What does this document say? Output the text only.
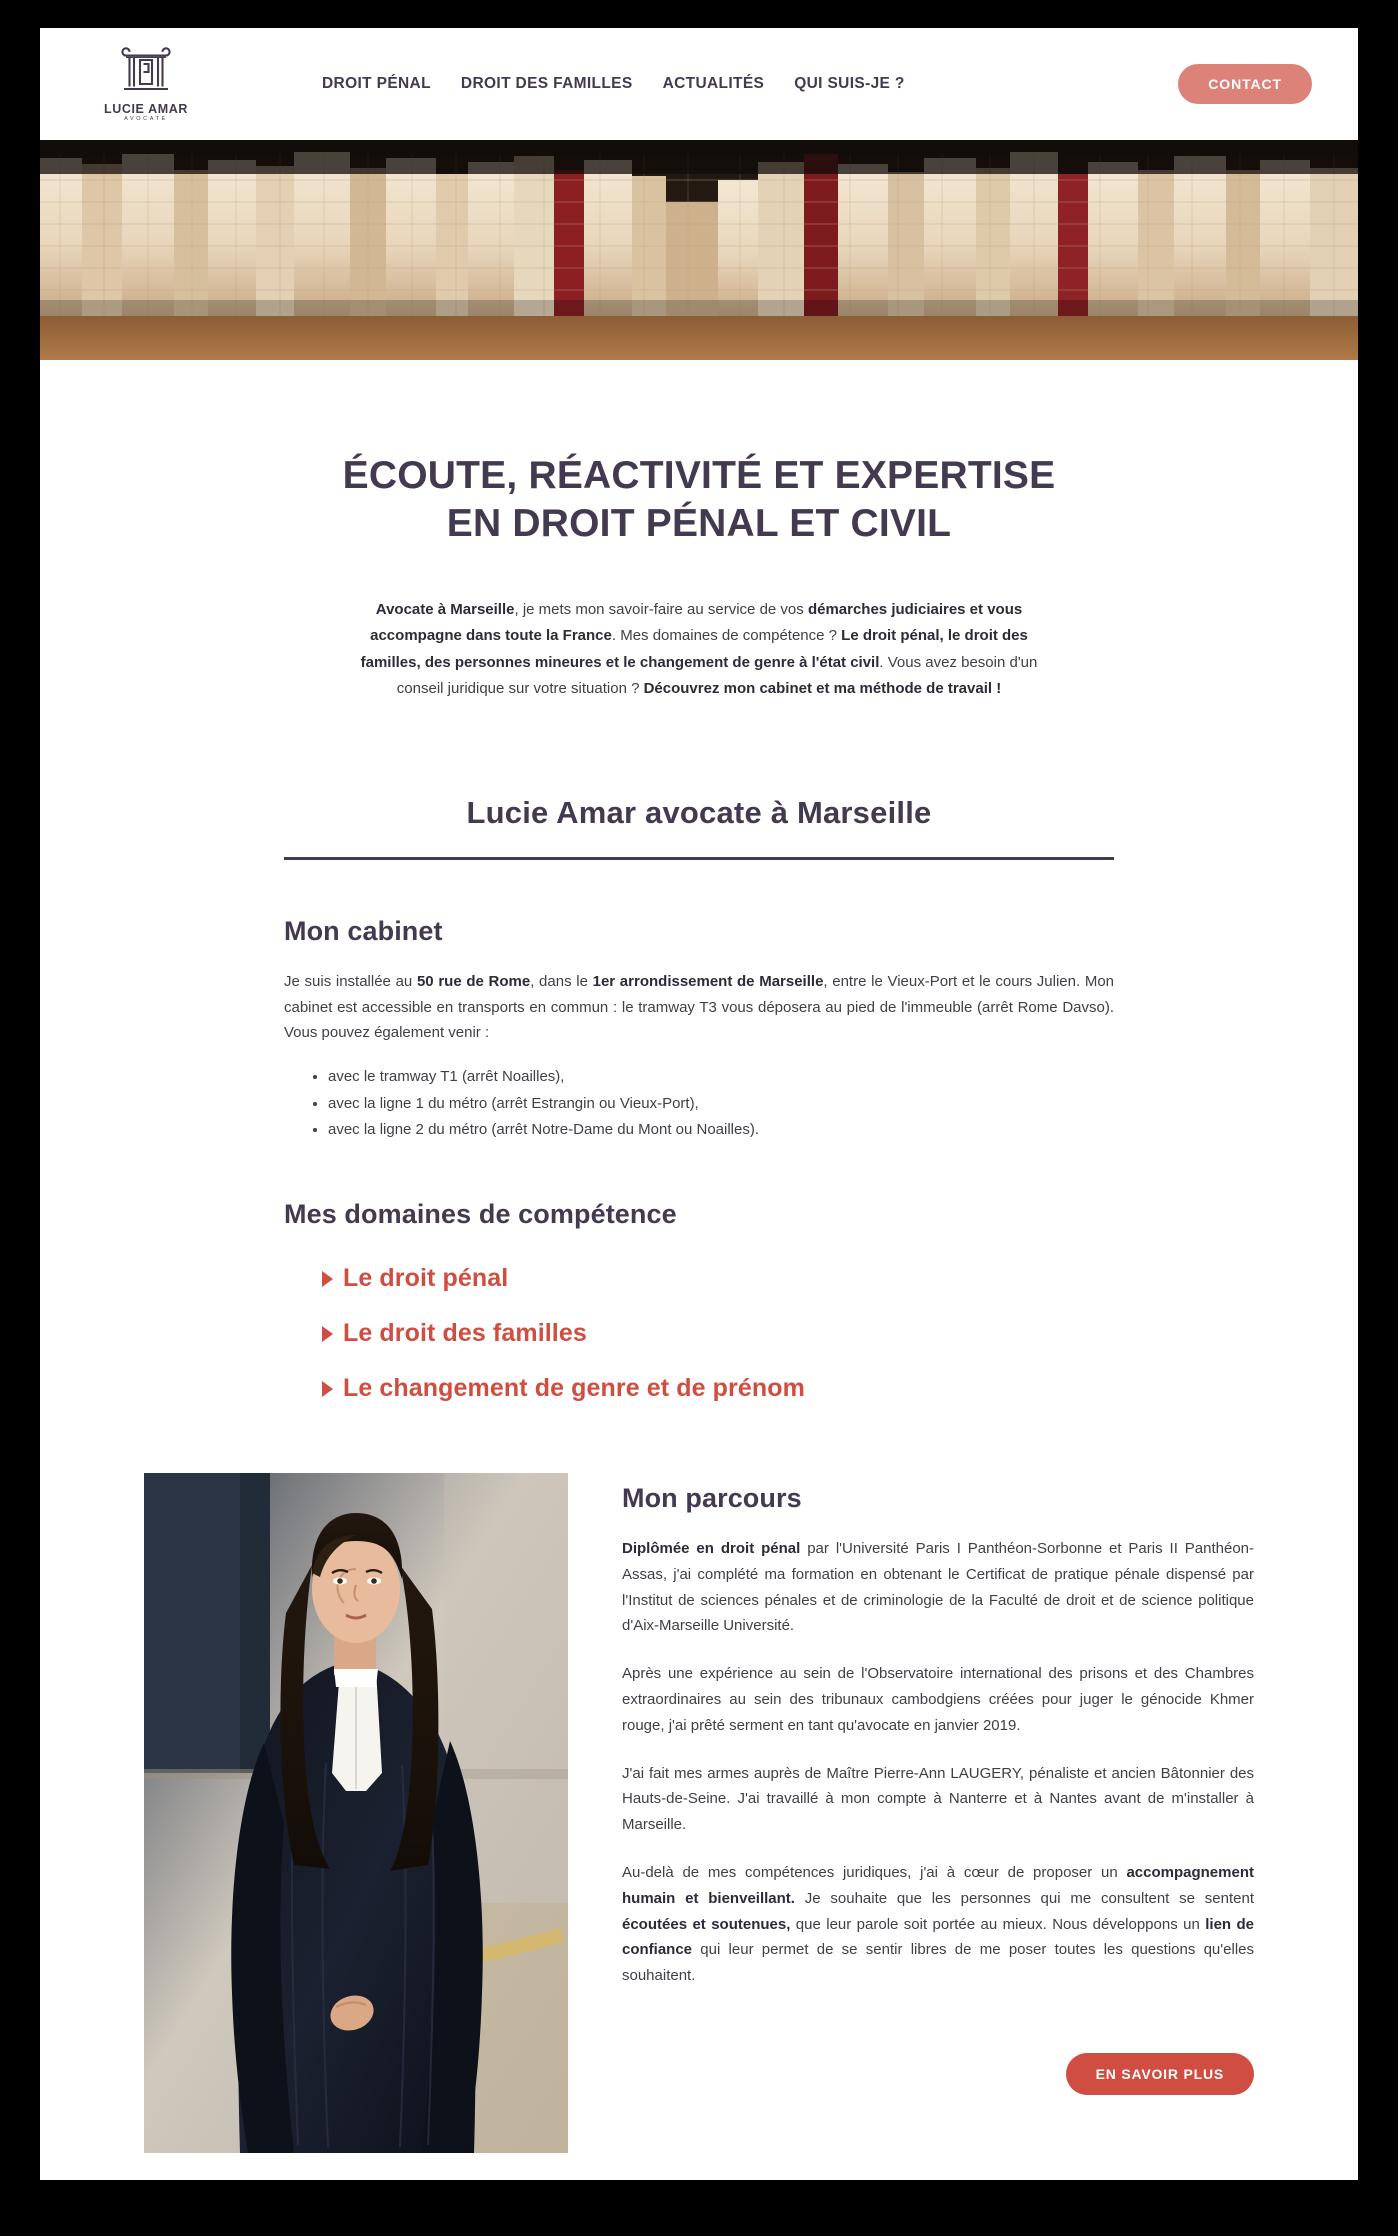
LUCIE AMAR
AVOCATE
DROIT PÉNAL DROIT DES FAMILLES ACTUALITÉS QUI SUIS-JE ?	CONTACT
ÉCOUTE, RÉACTIVITÉ ET EXPERTISE
EN DROIT PÉNAL ET CIVIL

Avocate à Marseille, je mets mon savoir-faire au service de vos démarches judiciaires et vous accompagne dans toute la France. Mes domaines de compétence ? Le droit pénal, le droit des familles, des personnes mineures et le changement de genre à l'état civil. Vous avez besoin d'un conseil juridique sur votre situation ? Découvrez mon cabinet et ma méthode de travail !

Lucie Amar avocate à Marseille
Mon cabinet

Je suis installée au 50 rue de Rome, dans le 1er arrondissement de Marseille, entre le Vieux-Port et le cours Julien. Mon cabinet est accessible en transports en commun : le tramway T3 vous déposera au pied de l'immeuble (arrêt Rome Davso). Vous pouvez également venir :

• avec le tramway T1 (arrêt Noailles),
• avec la ligne 1 du métro (arrêt Estrangin ou Vieux-Port),
• avec la ligne 2 du métro (arrêt Notre-Dame du Mont ou Noailles).
Mes domaines de compétence
Le droit pénal
Le droit des familles
Le changement de genre et de prénom
Mon parcours

Diplômée en droit pénal par l'Université Paris I Panthéon-Sorbonne et Paris II Panthéon-Assas, j'ai complété ma formation en obtenant le Certificat de pratique pénale dispensé par l'Institut de sciences pénales et de criminologie de la Faculté de droit et de science politique d'Aix-Marseille Université.

Après une expérience au sein de l'Observatoire international des prisons et des Chambres extraordinaires au sein des tribunaux cambodgiens créées pour juger le génocide Khmer rouge, j'ai prêté serment en tant qu'avocate en janvier 2019.

J'ai fait mes armes auprès de Maître Pierre-Ann LAUGERY, pénaliste et ancien Bâtonnier des Hauts-de-Seine. J'ai travaillé à mon compte à Nanterre et à Nantes avant de m'installer à Marseille.

Au-delà de mes compétences juridiques, j'ai à cœur de proposer un accompagnement humain et bienveillant. Je souhaite que les personnes qui me consultent se sentent écoutées et soutenues, que leur parole soit portée au mieux. Nous développons un lien de confiance qui leur permet de se sentir libres de me poser toutes les questions qu'elles souhaitent.

EN SAVOIR PLUS
